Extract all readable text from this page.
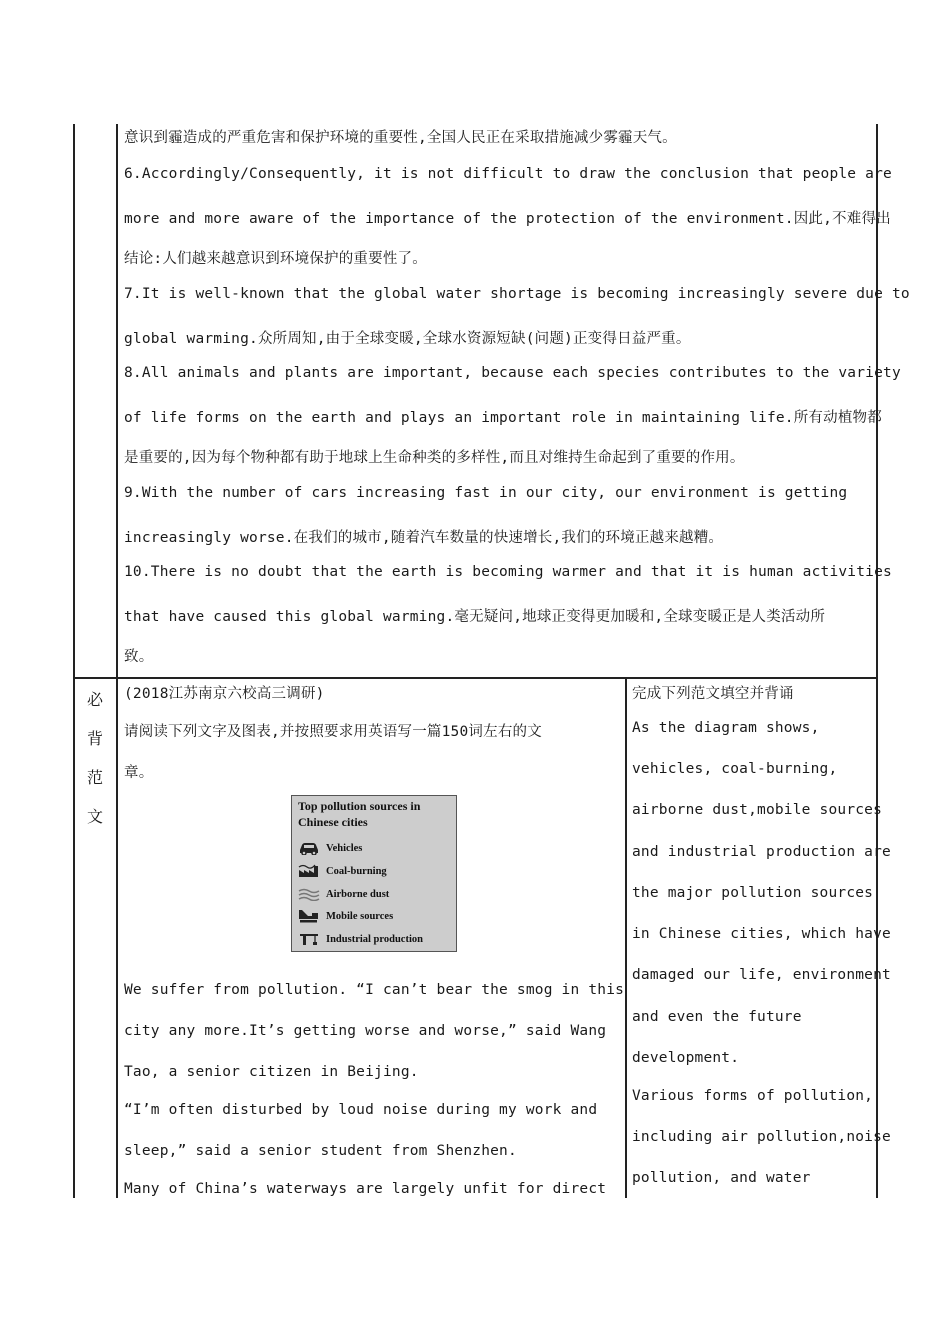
意识到霾造成的严重危害和保护环境的重要性,全国人民正在采取措施减少雾霾天气。
6.Accordingly/Consequently, it is not difficult to draw the conclusion that people are
more and more aware of the importance of the protection of the environment.因此,不难得出
结论:人们越来越意识到环境保护的重要性了。
7.It is well-known that the global water shortage is becoming increasingly severe due to
global warming.众所周知,由于全球变暖,全球水资源短缺(问题)正变得日益严重。
8.All animals and plants are important, because each species contributes to the variety
of life forms on the earth and plays an important role in maintaining life.所有动植物都
是重要的,因为每个物种都有助于地球上生命种类的多样性,而且对维持生命起到了重要的作用。
9.With the number of cars increasing fast in our city, our environment is getting
increasingly worse.在我们的城市,随着汽车数量的快速增长,我们的环境正越来越糟。
10.There is no doubt that the earth is becoming warmer and that it is human activities
that have caused this global warming.毫无疑问,地球正变得更加暖和,全球变暖正是人类活动所
致。
必
背
范
文
(2018江苏南京六校高三调研)
请阅读下列文字及图表,并按照要求用英语写一篇150词左右的文
章。
We suffer from pollution. “I can’t bear the smog in this
city any more.It’s getting worse and worse,” said Wang
Tao, a senior citizen in Beijing.
“I’m often disturbed by loud noise during my work and
sleep,” said a senior student from Shenzhen.
Many of China’s waterways are largely unfit for direct
Top pollution sources in Chinese cities
Vehicles
Coal-burning
Airborne dust
Mobile sources
Industrial production
完成下列范文填空并背诵
As the diagram shows,
vehicles, coal-burning,
airborne dust,mobile sources
and industrial production are
the major pollution sources
in Chinese cities, which have
damaged our life, environment
and even the future
development.
Various forms of pollution,
including air pollution,noise
pollution, and water
